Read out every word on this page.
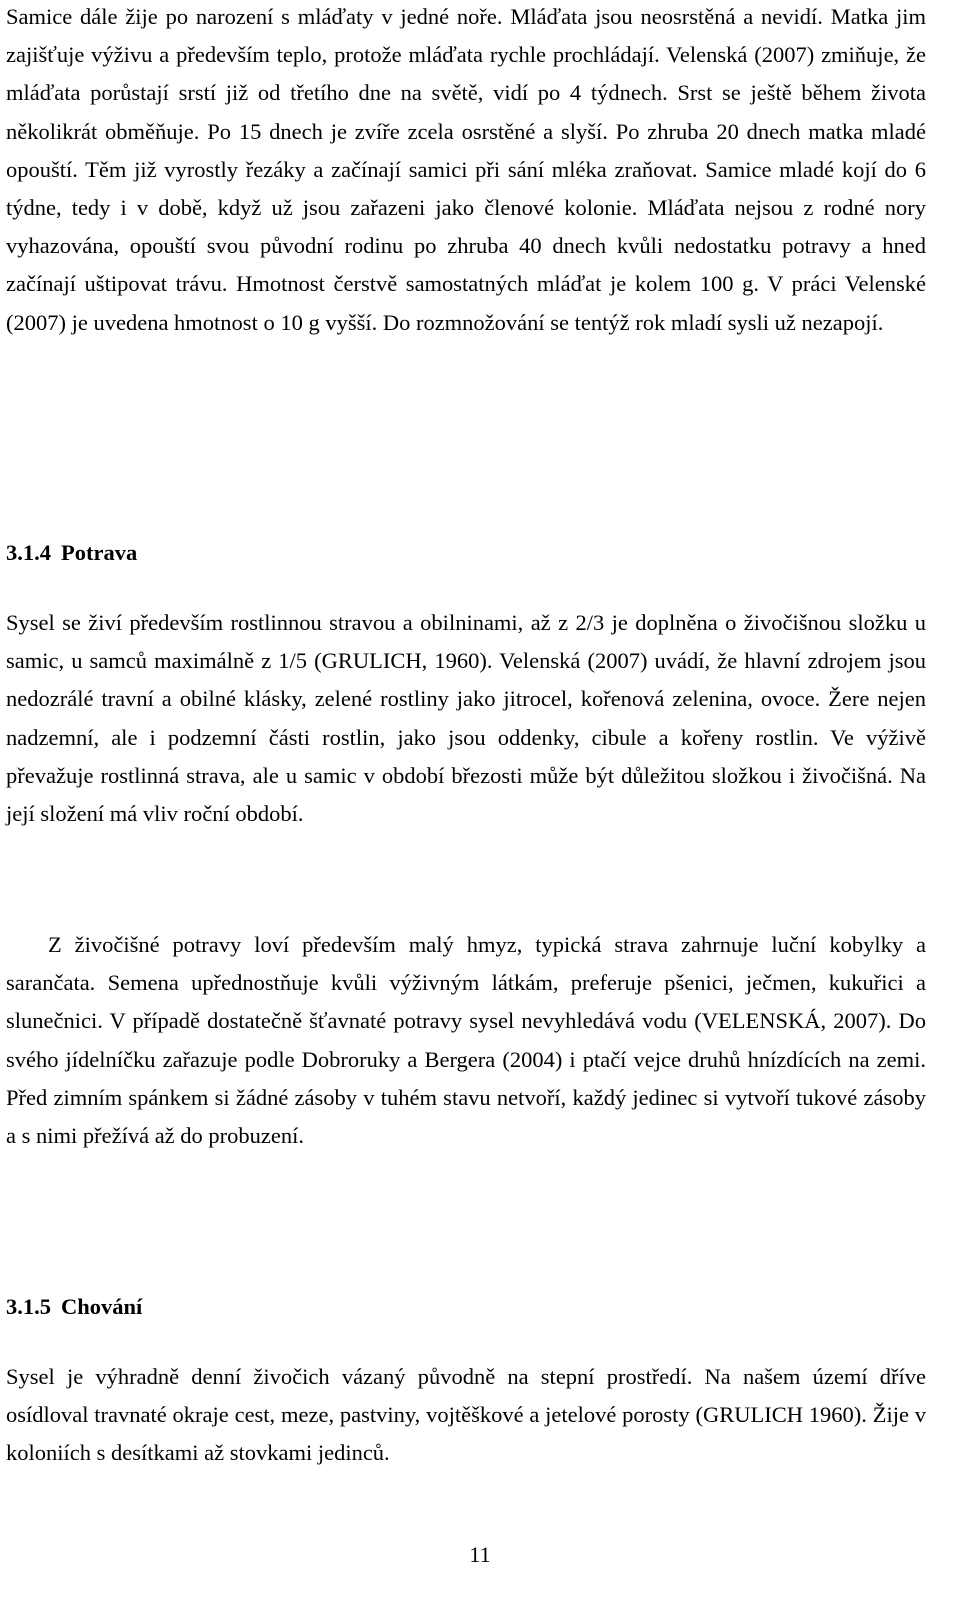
Samice dále žije po narození s mláďaty v jedné noře. Mláďata jsou neosrstěná a nevidí. Matka jim zajišťuje výživu a především teplo, protože mláďata rychle prochládají. Velenská (2007) zmiňuje, že mláďata porůstají srstí již od třetího dne na světě, vidí po 4 týdnech. Srst se ještě během života několikrát obměňuje. Po 15 dnech je zvíře zcela osrstěné a slyší. Po zhruba 20 dnech matka mladé opouští. Těm již vyrostly řezáky a začínají samici při sání mléka zraňovat. Samice mladé kojí do 6 týdne, tedy i v době, když už jsou zařazeni jako členové kolonie. Mláďata nejsou z rodné nory vyhazována, opouští svou původní rodinu po zhruba 40 dnech kvůli nedostatku potravy a hned začínají uštipovat trávu. Hmotnost čerstvě samostatných mláďat je kolem 100 g. V práci Velenské (2007) je uvedena hmotnost o 10 g vyšší. Do rozmnožování se tentýž rok mladí sysli už nezapojí.

3.1.4 Potrava

Sysel se živí především rostlinnou stravou a obilninami, až z 2/3 je doplněna o živočišnou složku u samic, u samců maximálně z 1/5 (GRULICH, 1960). Velenská (2007) uvádí, že hlavní zdrojem jsou nedozrálé travní a obilné klásky, zelené rostliny jako jitrocel, kořenová zelenina, ovoce. Žere nejen nadzemní, ale i podzemní části rostlin, jako jsou oddenky, cibule a kořeny rostlin. Ve výživě převažuje rostlinná strava, ale u samic v období březosti může být důležitou složkou i živočišná. Na její složení má vliv roční období.

Z živočišné potravy loví především malý hmyz, typická strava zahrnuje luční kobylky a sarančata. Semena upřednostňuje kvůli výživným látkám, preferuje pšenici, ječmen, kukuřici a slunečnici. V případě dostatečně šťavnaté potravy sysel nevyhledává vodu (VELENSKÁ, 2007). Do svého jídelníčku zařazuje podle Dobroruky a Bergera (2004) i ptačí vejce druhů hnízdících na zemi. Před zimním spánkem si žádné zásoby v tuhém stavu netvoří, každý jedinec si vytvoří tukové zásoby a s nimi přežívá až do probuzení.

3.1.5 Chování

Sysel je výhradně denní živočich vázaný původně na stepní prostředí. Na našem území dříve osídloval travnaté okraje cest, meze, pastviny, vojtěškové a jetelové porosty (GRULICH 1960). Žije v koloniích s desítkami až stovkami jedinců.

11
